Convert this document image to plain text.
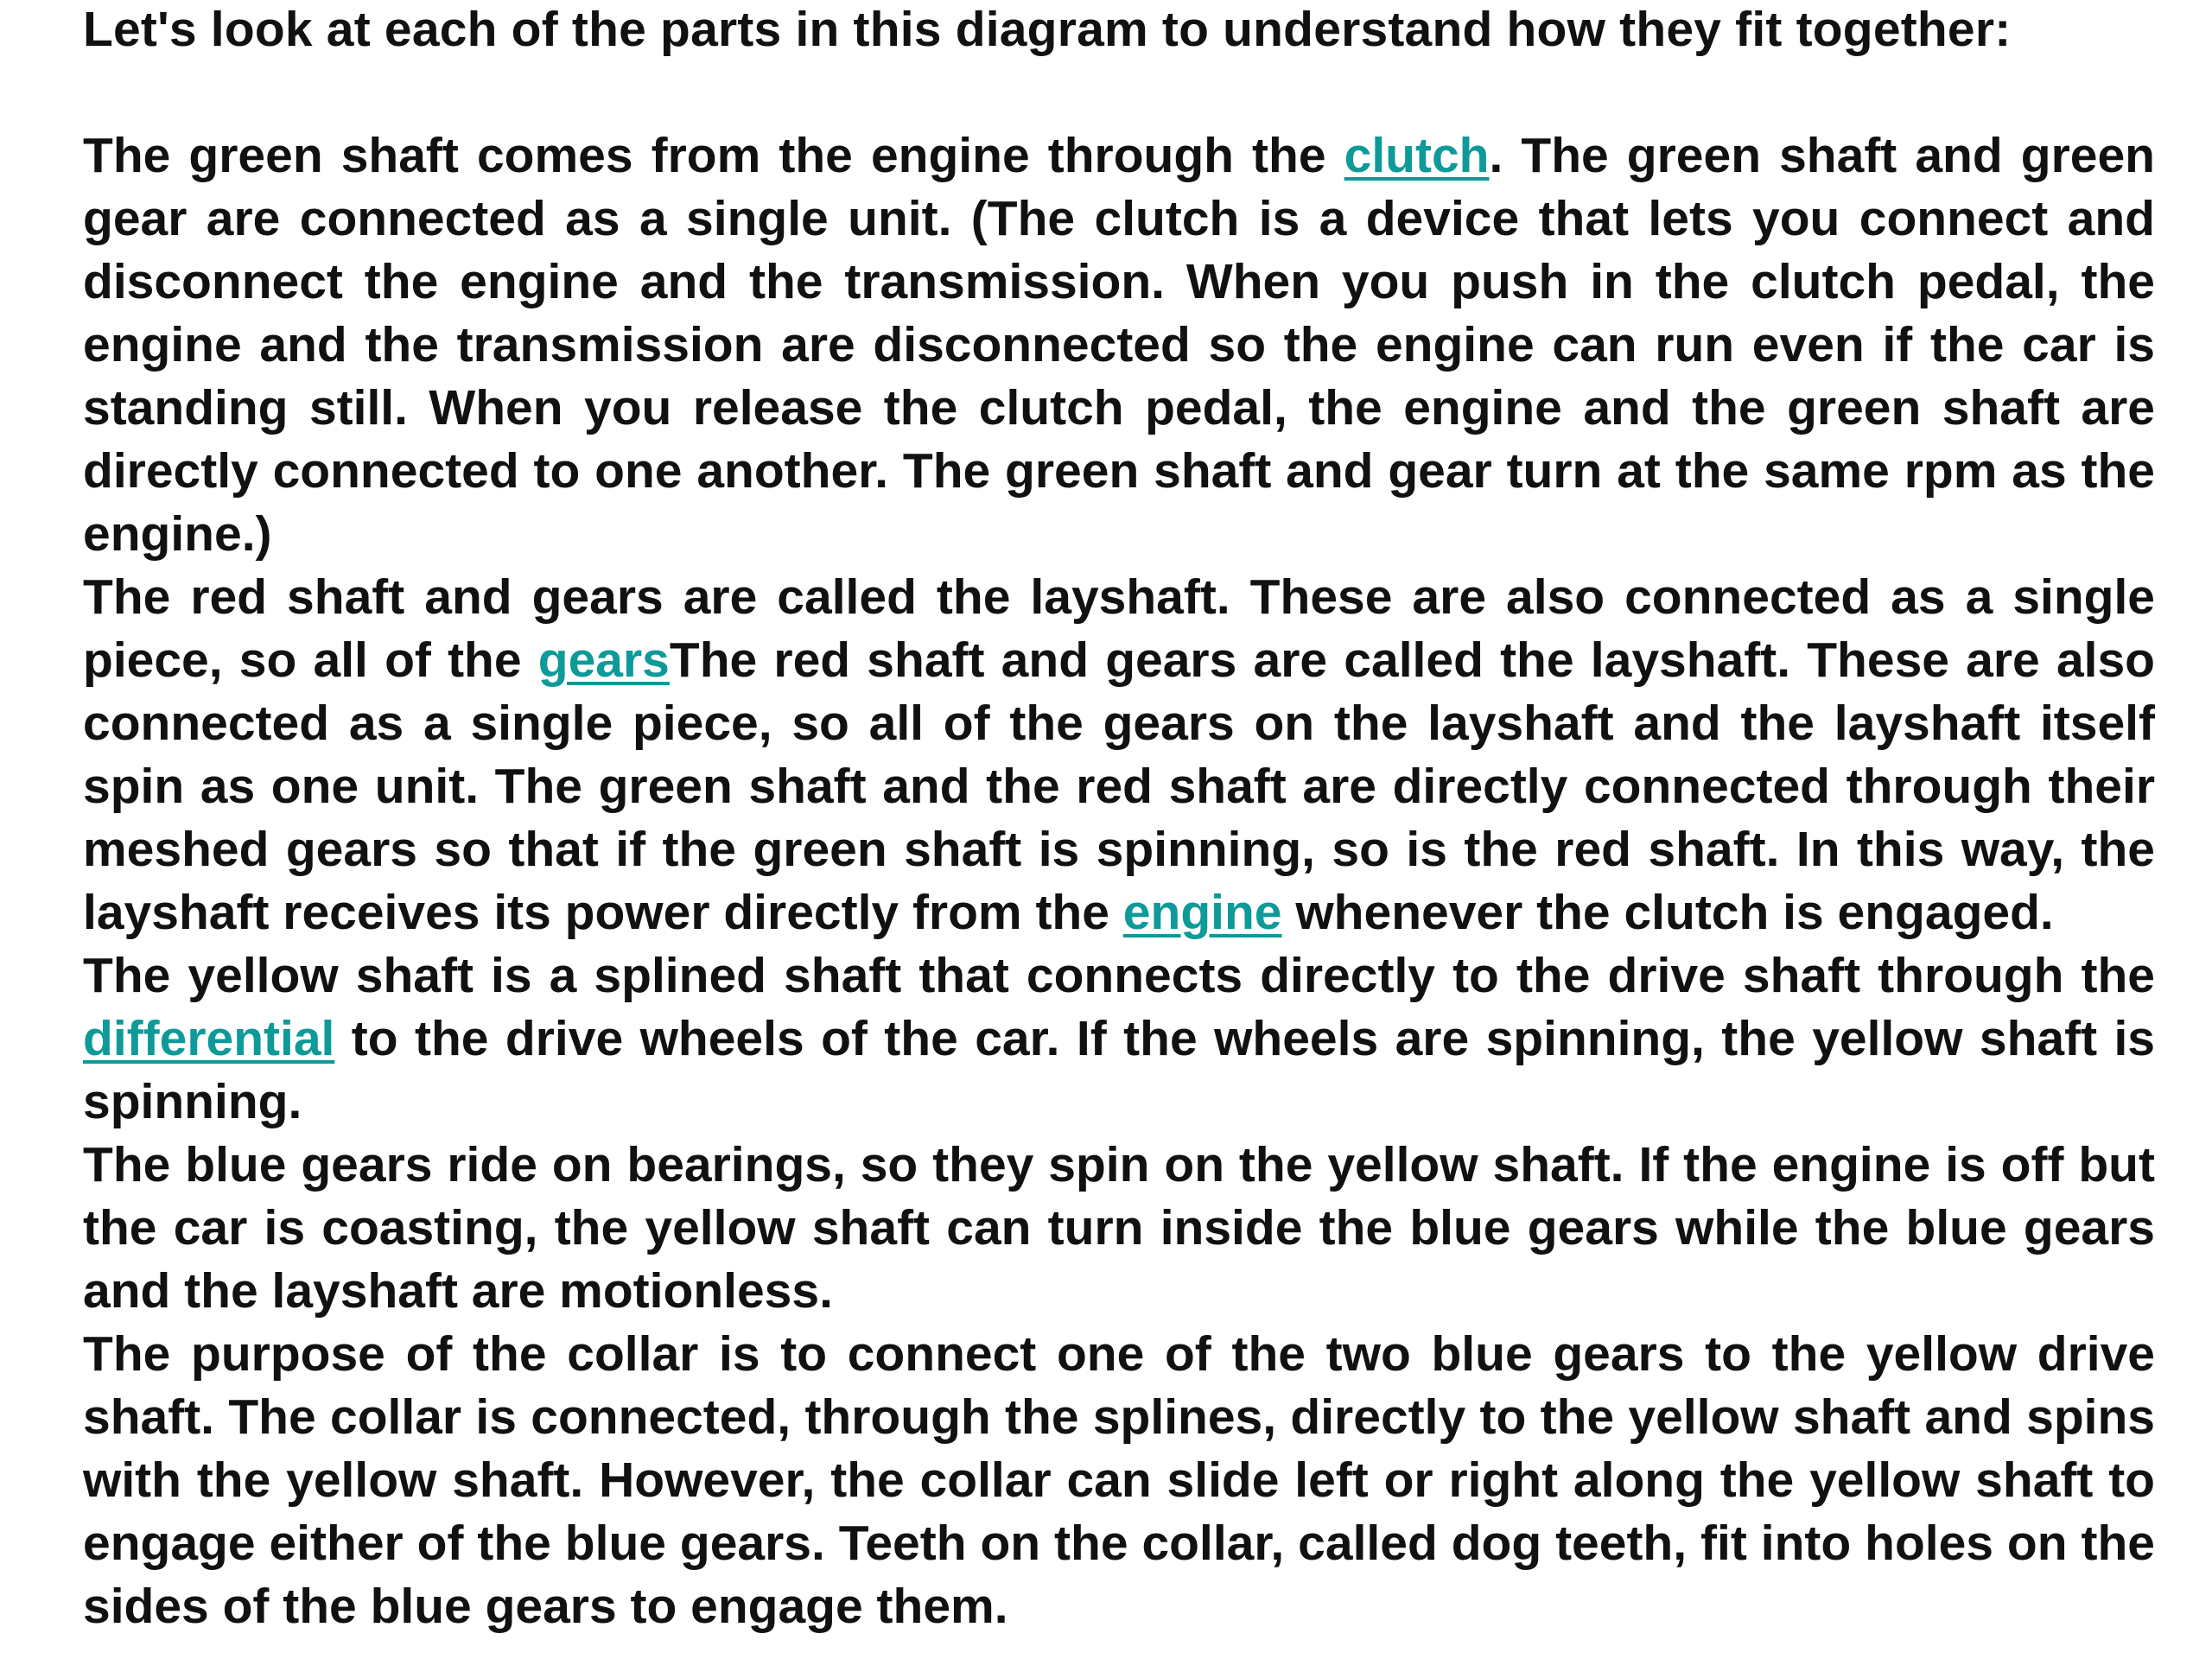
Let's look at each of the parts in this diagram to understand how they fit together:

The green shaft comes from the engine through the clutch. The green shaft and green gear are connected as a single unit. (The clutch is a device that lets you connect and disconnect the engine and the transmission. When you push in the clutch pedal, the engine and the transmission are disconnected so the engine can run even if the car is standing still. When you release the clutch pedal, the engine and the green shaft are directly connected to one another. The green shaft and gear turn at the same rpm as the engine.)

The red shaft and gears are called the layshaft. These are also connected as a single piece, so all of the gearsThe red shaft and gears are called the layshaft. These are also connected as a single piece, so all of the gears on the layshaft and the layshaft itself spin as one unit. The green shaft and the red shaft are directly connected through their meshed gears so that if the green shaft is spinning, so is the red shaft. In this way, the layshaft receives its power directly from the engine whenever the clutch is engaged.

The yellow shaft is a splined shaft that connects directly to the drive shaft through the differential to the drive wheels of the car. If the wheels are spinning, the yellow shaft is spinning.

The blue gears ride on bearings, so they spin on the yellow shaft. If the engine is off but the car is coasting, the yellow shaft can turn inside the blue gears while the blue gears and the layshaft are motionless.

The purpose of the collar is to connect one of the two blue gears to the yellow drive shaft. The collar is connected, through the splines, directly to the yellow shaft and spins with the yellow shaft. However, the collar can slide left or right along the yellow shaft to engage either of the blue gears. Teeth on the collar, called dog teeth, fit into holes on the sides of the blue gears to engage them.
